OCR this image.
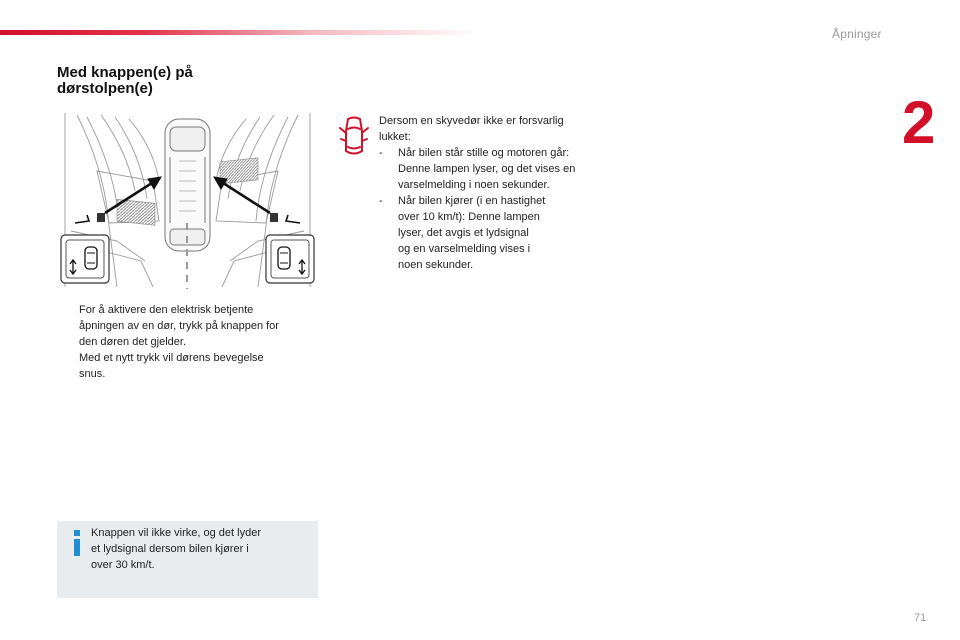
Åpninger
2
71
Med knappen(e) på
dørstolpen(e)
For å aktivere den elektrisk betjente
åpningen av en dør, trykk på knappen for
den døren det gjelder.
Med et nytt trykk vil dørens bevegelse
snus.
Knappen vil ikke virke, og det lyder
et lydsignal dersom bilen kjører i
over 30 km/t.
Dersom en skyvedør ikke er forsvarlig
lukket:
- Når bilen står stille og motoren går:
Denne lampen lyser, og det vises en
varselmelding i noen sekunder.
- Når bilen kjører (i en hastighet
over 10 km/t): Denne lampen
lyser, det avgis et lydsignal
og en varselmelding vises i
noen sekunder.
